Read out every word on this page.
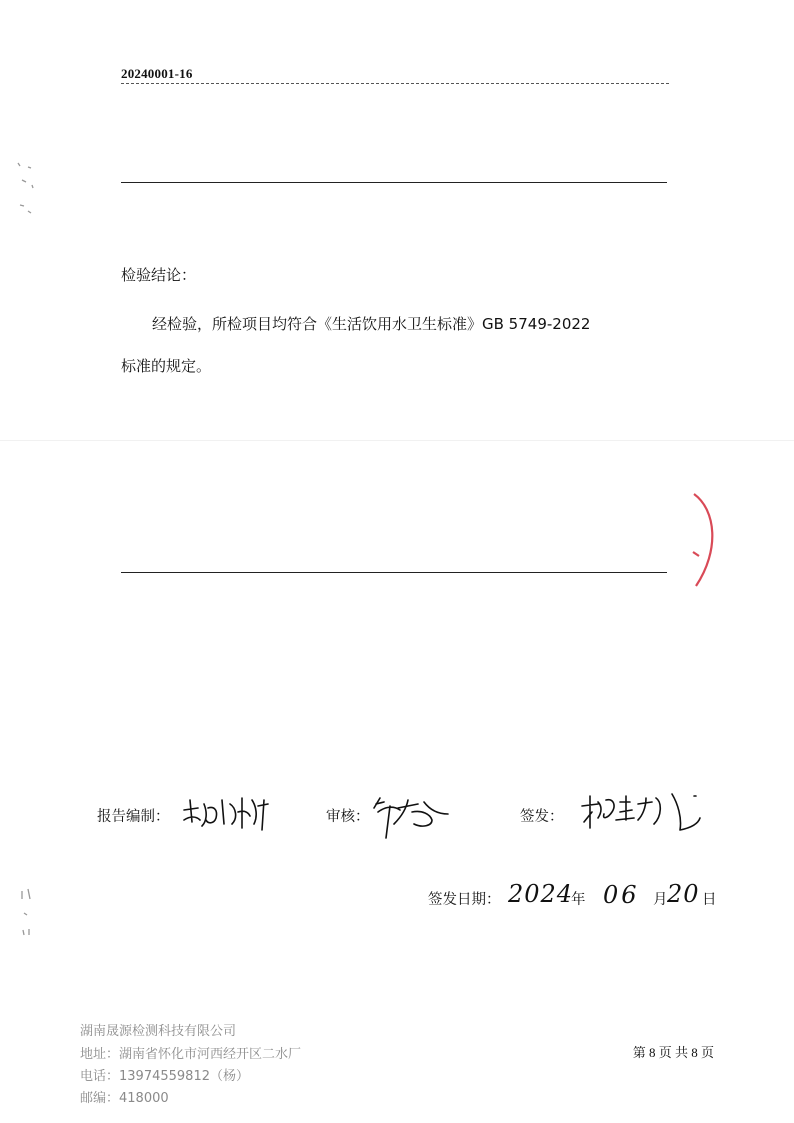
20240001-16
检验结论：
经检验，所检项目均符合《生活饮用水卫生标准》GB 5749-2022
标准的规定。
报告编制：	审核：	签发：
签发日期： 2024
年 06 月 20 日
湖南晟源检测科技有限公司
地址：湖南省怀化市河西经开区二水厂
电话：13974559812（杨）
邮编：418000
第 8 页 共 8 页
